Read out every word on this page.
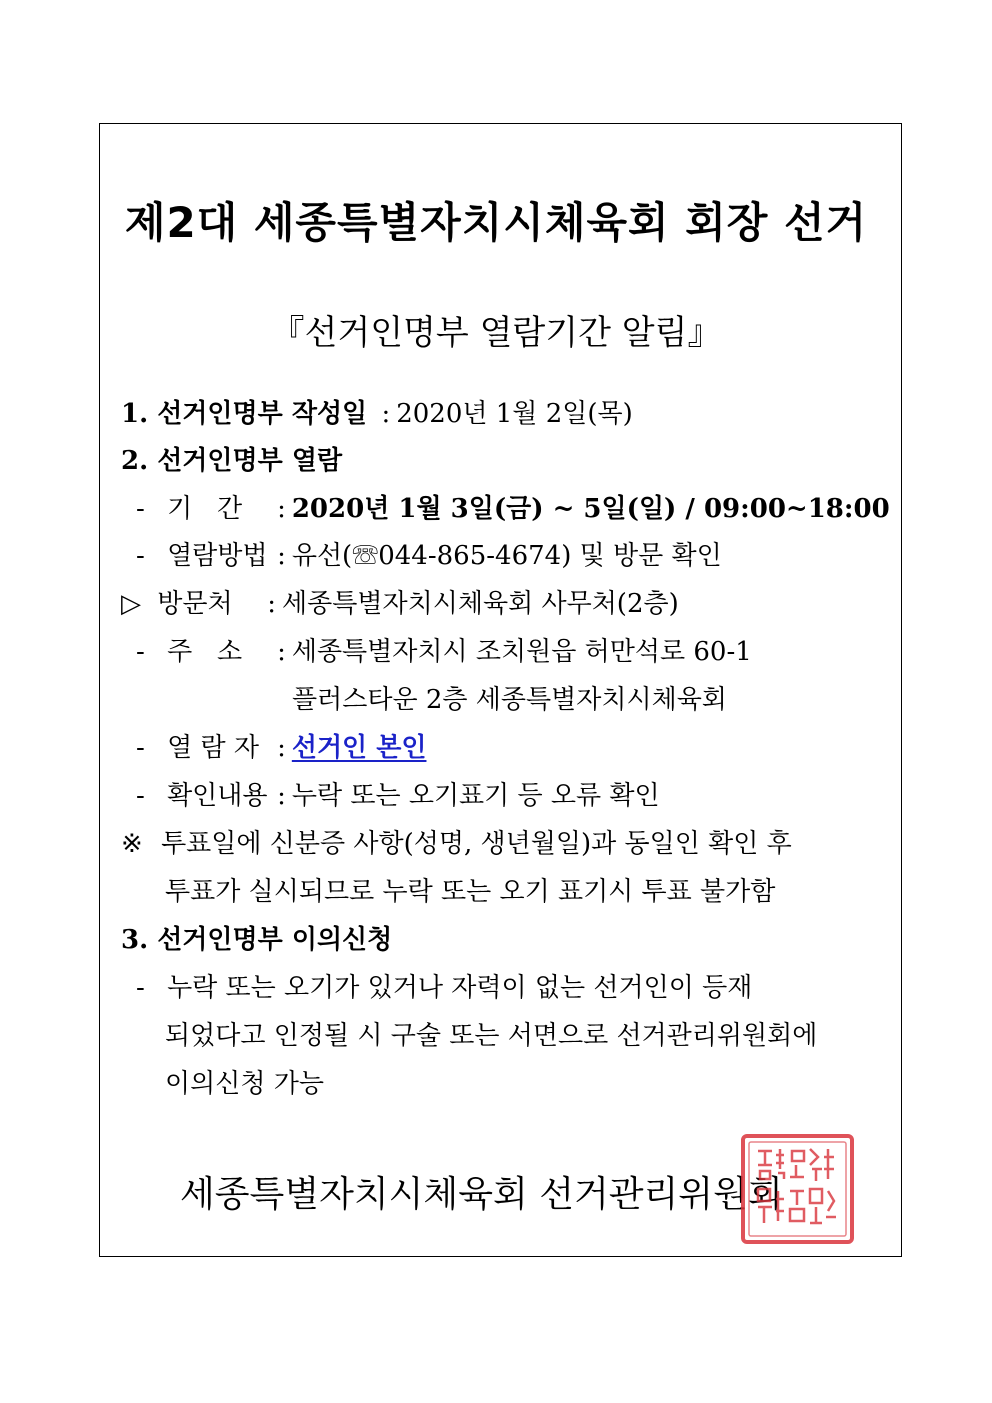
제2대 세종특별자치시체육회 회장 선거
『선거인명부 열람기간 알림』
1. 선거인명부 작성일 : 2020년 1월 2일(목)
2. 선거인명부 열람
- 기   간 : 2020년 1월 3일(금) ~ 5일(일) / 09:00~18:00
- 열람방법 : 유선(☏044-865-4674) 및 방문 확인
▷ 방문처 : 세종특별자치시체육회 사무처(2층)
- 주   소 : 세종특별자치시 조치원읍 허만석로 60-1
플러스타운 2층 세종특별자치시체육회
- 열 람 자 : 선거인 본인
- 확인내용 : 누락 또는 오기표기 등 오류 확인
※ 투표일에 신분증 사항(성명, 생년월일)과 동일인 확인 후
투표가 실시되므로 누락 또는 오기 표기시 투표 불가함
3. 선거인명부 이의신청
- 누락 또는 오기가 있거나 자력이 없는 선거인이 등재
되었다고 인정될 시 구술 또는 서면으로 선거관리위원회에
이의신청 가능
세종특별자치시체육회 선거관리위원회
